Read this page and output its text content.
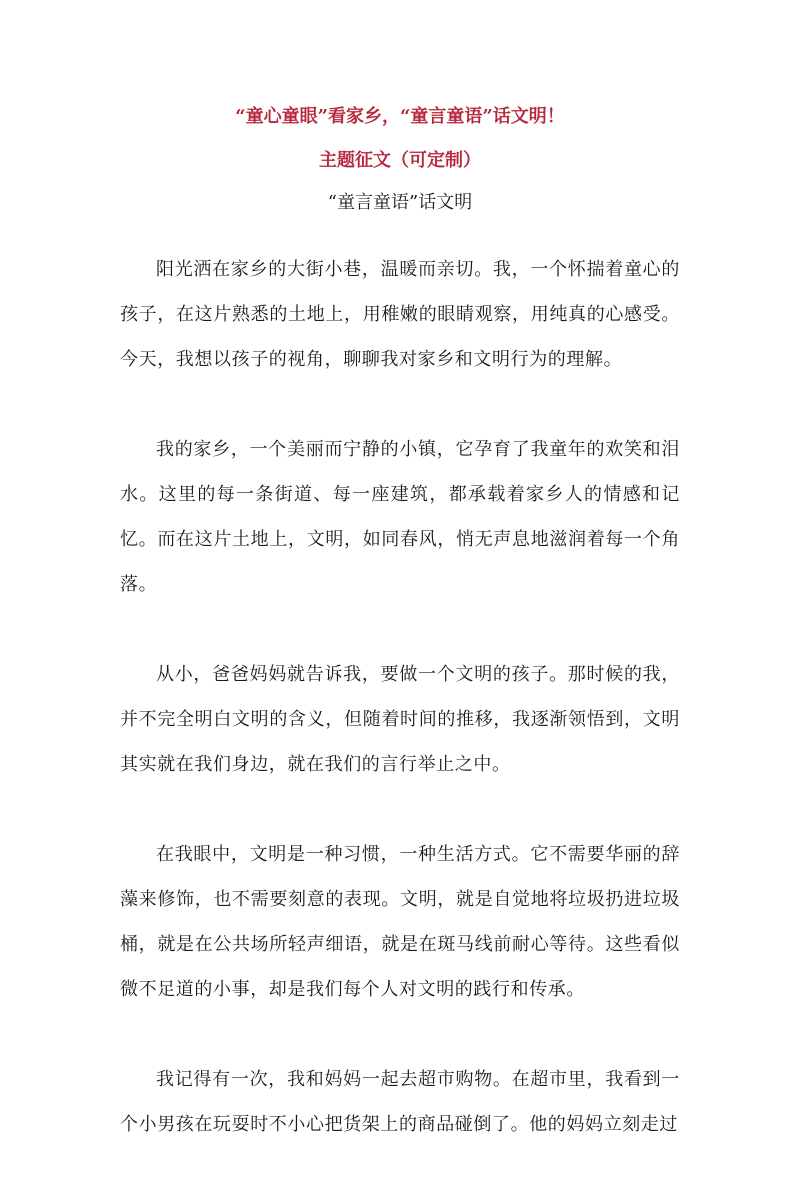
“童心童眼”看家乡，“童言童语”话文明！
主题征文（可定制）
“童言童语”话文明

阳光洒在家乡的大街小巷，温暖而亲切。我，一个怀揣着童心的孩子，在这片熟悉的土地上，用稚嫩的眼睛观察，用纯真的心感受。今天，我想以孩子的视角，聊聊我对家乡和文明行为的理解。

我的家乡，一个美丽而宁静的小镇，它孕育了我童年的欢笑和泪水。这里的每一条街道、每一座建筑，都承载着家乡人的情感和记忆。而在这片土地上，文明，如同春风，悄无声息地滋润着每一个角落。

从小，爸爸妈妈就告诉我，要做一个文明的孩子。那时候的我，并不完全明白文明的含义，但随着时间的推移，我逐渐领悟到，文明其实就在我们身边，就在我们的言行举止之中。

在我眼中，文明是一种习惯，一种生活方式。它不需要华丽的辞藻来修饰，也不需要刻意的表现。文明，就是自觉地将垃圾扔进垃圾桶，就是在公共场所轻声细语，就是在斑马线前耐心等待。这些看似微不足道的小事，却是我们每个人对文明的践行和传承。

我记得有一次，我和妈妈一起去超市购物。在超市里，我看到一个小男孩在玩耍时不小心把货架上的商品碰倒了。他的妈妈立刻走过
